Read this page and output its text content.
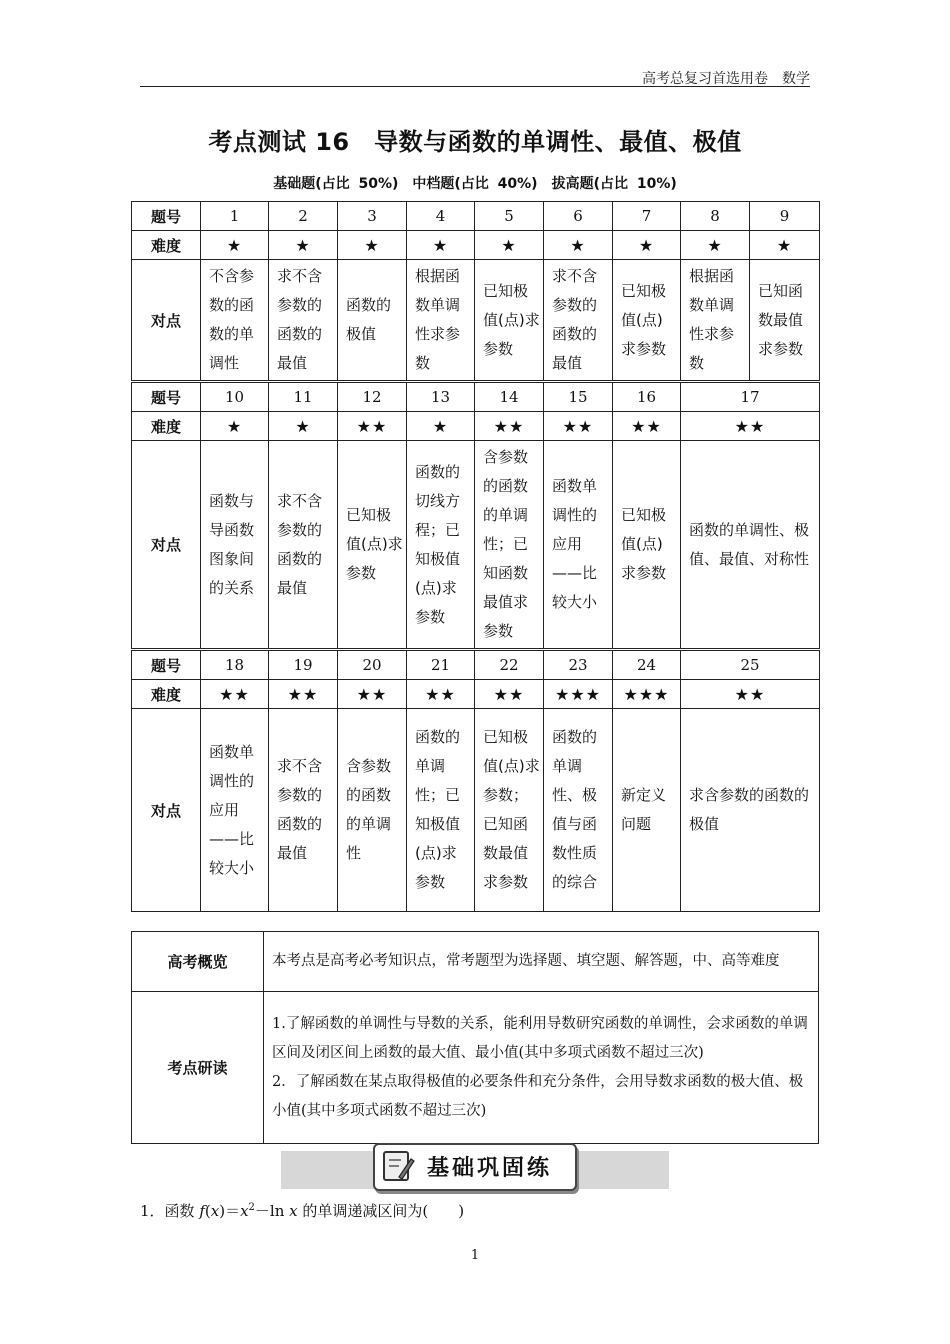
高考总复习首选用卷　数学
考点测试 16　导数与函数的单调性、最值、极值
基础题(占比 50%)　中档题(占比 40%)　拔高题(占比 10%)
题号	1	2	3	4	5	6	7	8	9
难度	★	★	★	★	★	★	★	★	★
对点	不含参数的函数的单调性	求不含参数的函数的最值	函数的极值	根据函数单调性求参数	已知极值(点)求参数	求不含参数的函数的最值	已知极值(点)求参数	根据函数单调性求参数	已知函数最值求参数
题号	10	11	12	13	14	15	16	17	
难度	★	★	★★	★	★★	★★	★★	★★	
对点	函数与导函数图象间的关系	求不含参数的函数的最值	已知极值(点)求参数	函数的切线方程；已知极值(点)求参数	含参数的函数的单调性；已知函数最值求参数	函数单调性的应用——比较大小	已知极值(点)求参数	函数的单调性、极值、最值、对称性	
题号	18	19	20	21	22	23	24	25	
难度	★★	★★	★★	★★	★★	★★★	★★★	★★	
对点	函数单调性的应用——比较大小	求不含参数的函数的最值	含参数的函数的单调性	函数的单调性；已知极值(点)求参数	已知极值(点)求参数；已知函数最值求参数	函数的单调性、极值与函数性质的综合	新定义问题	求含参数的函数的极值	
高考概览	本考点是高考必考知识点，常考题型为选择题、填空题、解答题，中、高等难度
考点研读	1.了解函数的单调性与导数的关系，能利用导数研究函数的单调性，会求函数的单调区间及闭区间上函数的最大值、最小值(其中多项式函数不超过三次)
2．了解函数在某点取得极值的必要条件和充分条件，会用导数求函数的极大值、极小值(其中多项式函数不超过三次)
基础巩固练
1．函数 $f(x)=x^2-\ln$ x 的单调递减区间为(　　)
1
